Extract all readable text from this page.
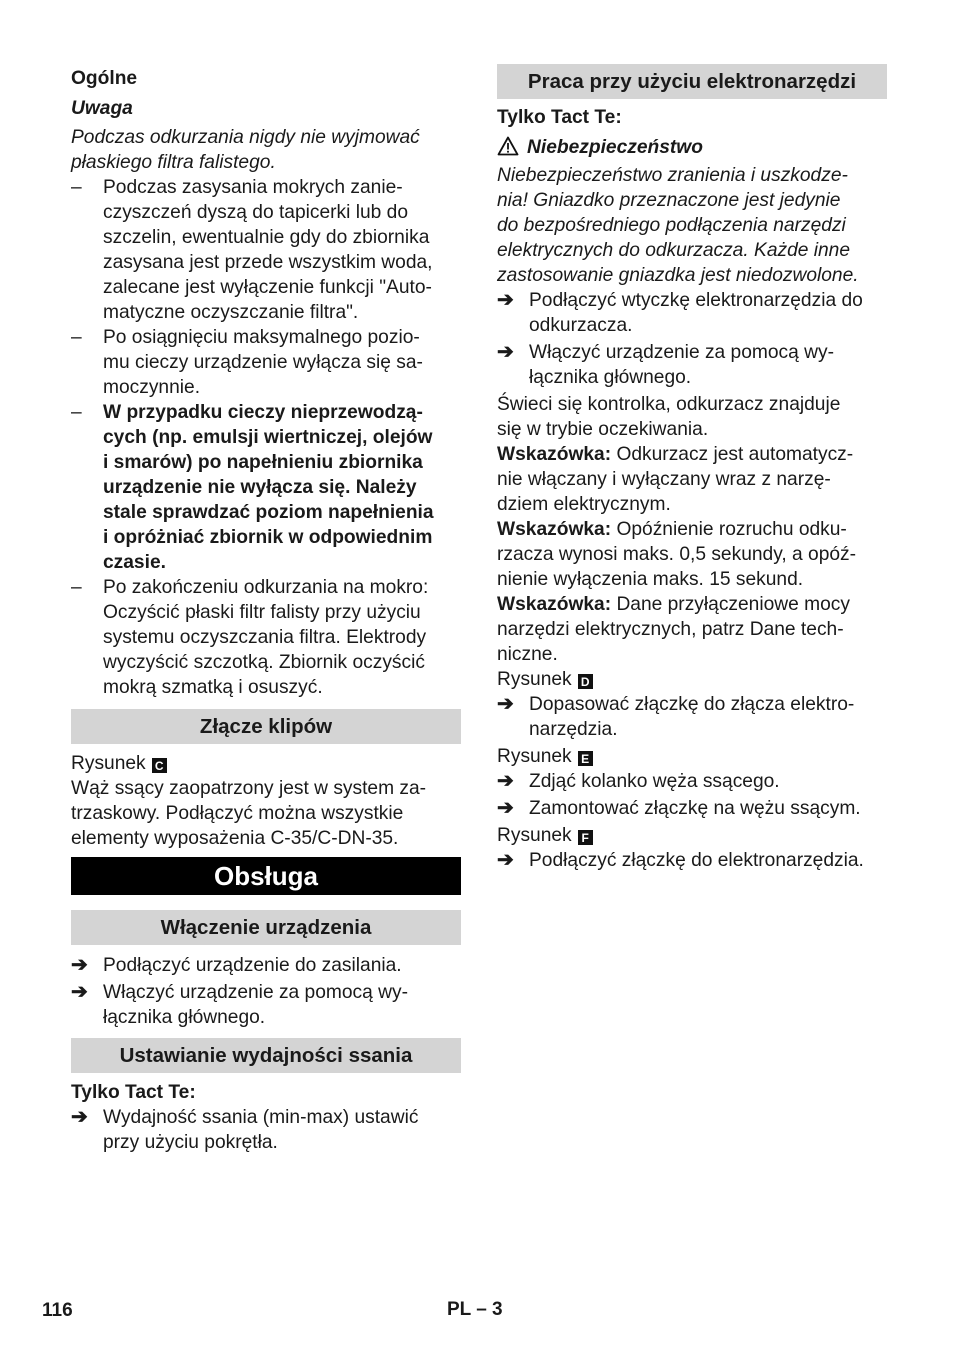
Ogólne
Uwaga
Podczas odkurzania nigdy nie wyjmować
płaskiego filtra falistego.
–	Podczas zasysania mokrych zanie-
czyszczeń dyszą do tapicerki lub do
szczelin, ewentualnie gdy do zbiornika
zasysana jest przede wszystkim woda,
zalecane jest wyłączenie funkcji "Auto-
matyczne oczyszczanie filtra".
–	Po osiągnięciu maksymalnego pozio-
mu cieczy urządzenie wyłącza się sa-
moczynnie.
–	W przypadku cieczy nieprzewodzą-
cych (np. emulsji wiertniczej, olejów
i smarów) po napełnieniu zbiornika
urządzenie nie wyłącza się. Należy
stale sprawdzać poziom napełnienia
i opróżniać zbiornik w odpowiednim
czasie.
–	Po zakończeniu odkurzania na mokro:
Oczyścić płaski filtr falisty przy użyciu
systemu oczyszczania filtra. Elektrody
wyczyścić szczotką. Zbiornik oczyścić
mokrą szmatką i osuszyć.
Złącze klipów
Rysunek C
Wąż ssący zaopatrzony jest w system za-
trzaskowy. Podłączyć można wszystkie
elementy wyposażenia C-35/C-DN-35.
Obsługa
Włączenie urządzenia
➔ Podłączyć urządzenie do zasilania.
➔ Włączyć urządzenie za pomocą wy-
łącznika głównego.
Ustawianie wydajności ssania
Tylko Tact Te:
➔ Wydajność ssania (min-max) ustawić
przy użyciu pokrętła.
Praca przy użyciu elektronarzędzi
Tylko Tact Te:
Niebezpieczeństwo
Niebezpieczeństwo zranienia i uszkodze-
nia! Gniazdko przeznaczone jest jedynie
do bezpośredniego podłączenia narzędzi
elektrycznych do odkurzacza. Każde inne
zastosowanie gniazdka jest niedozwolone.
➔ Podłączyć wtyczkę elektronarzędzia do
odkurzacza.
➔ Włączyć urządzenie za pomocą wy-
łącznika głównego.
Świeci się kontrolka, odkurzacz znajduje
się w trybie oczekiwania.
Wskazówka: Odkurzacz jest automatycz-
nie włączany i wyłączany wraz z narzę-
dziem elektrycznym.
Wskazówka: Opóźnienie rozruchu odku-
rzacza wynosi maks. 0,5 sekundy, a opóź-
nienie wyłączenia maks. 15 sekund.
Wskazówka: Dane przyłączeniowe mocy
narzędzi elektrycznych, patrz Dane tech-
niczne.
Rysunek D
➔ Dopasować złączkę do złącza elektro-
narzędzia.
Rysunek E
➔ Zdjąć kolanko węża ssącego.
➔ Zamontować złączkę na wężu ssącym.
Rysunek F
➔ Podłączyć złączkę do elektronarzędzia.
116	PL – 3
